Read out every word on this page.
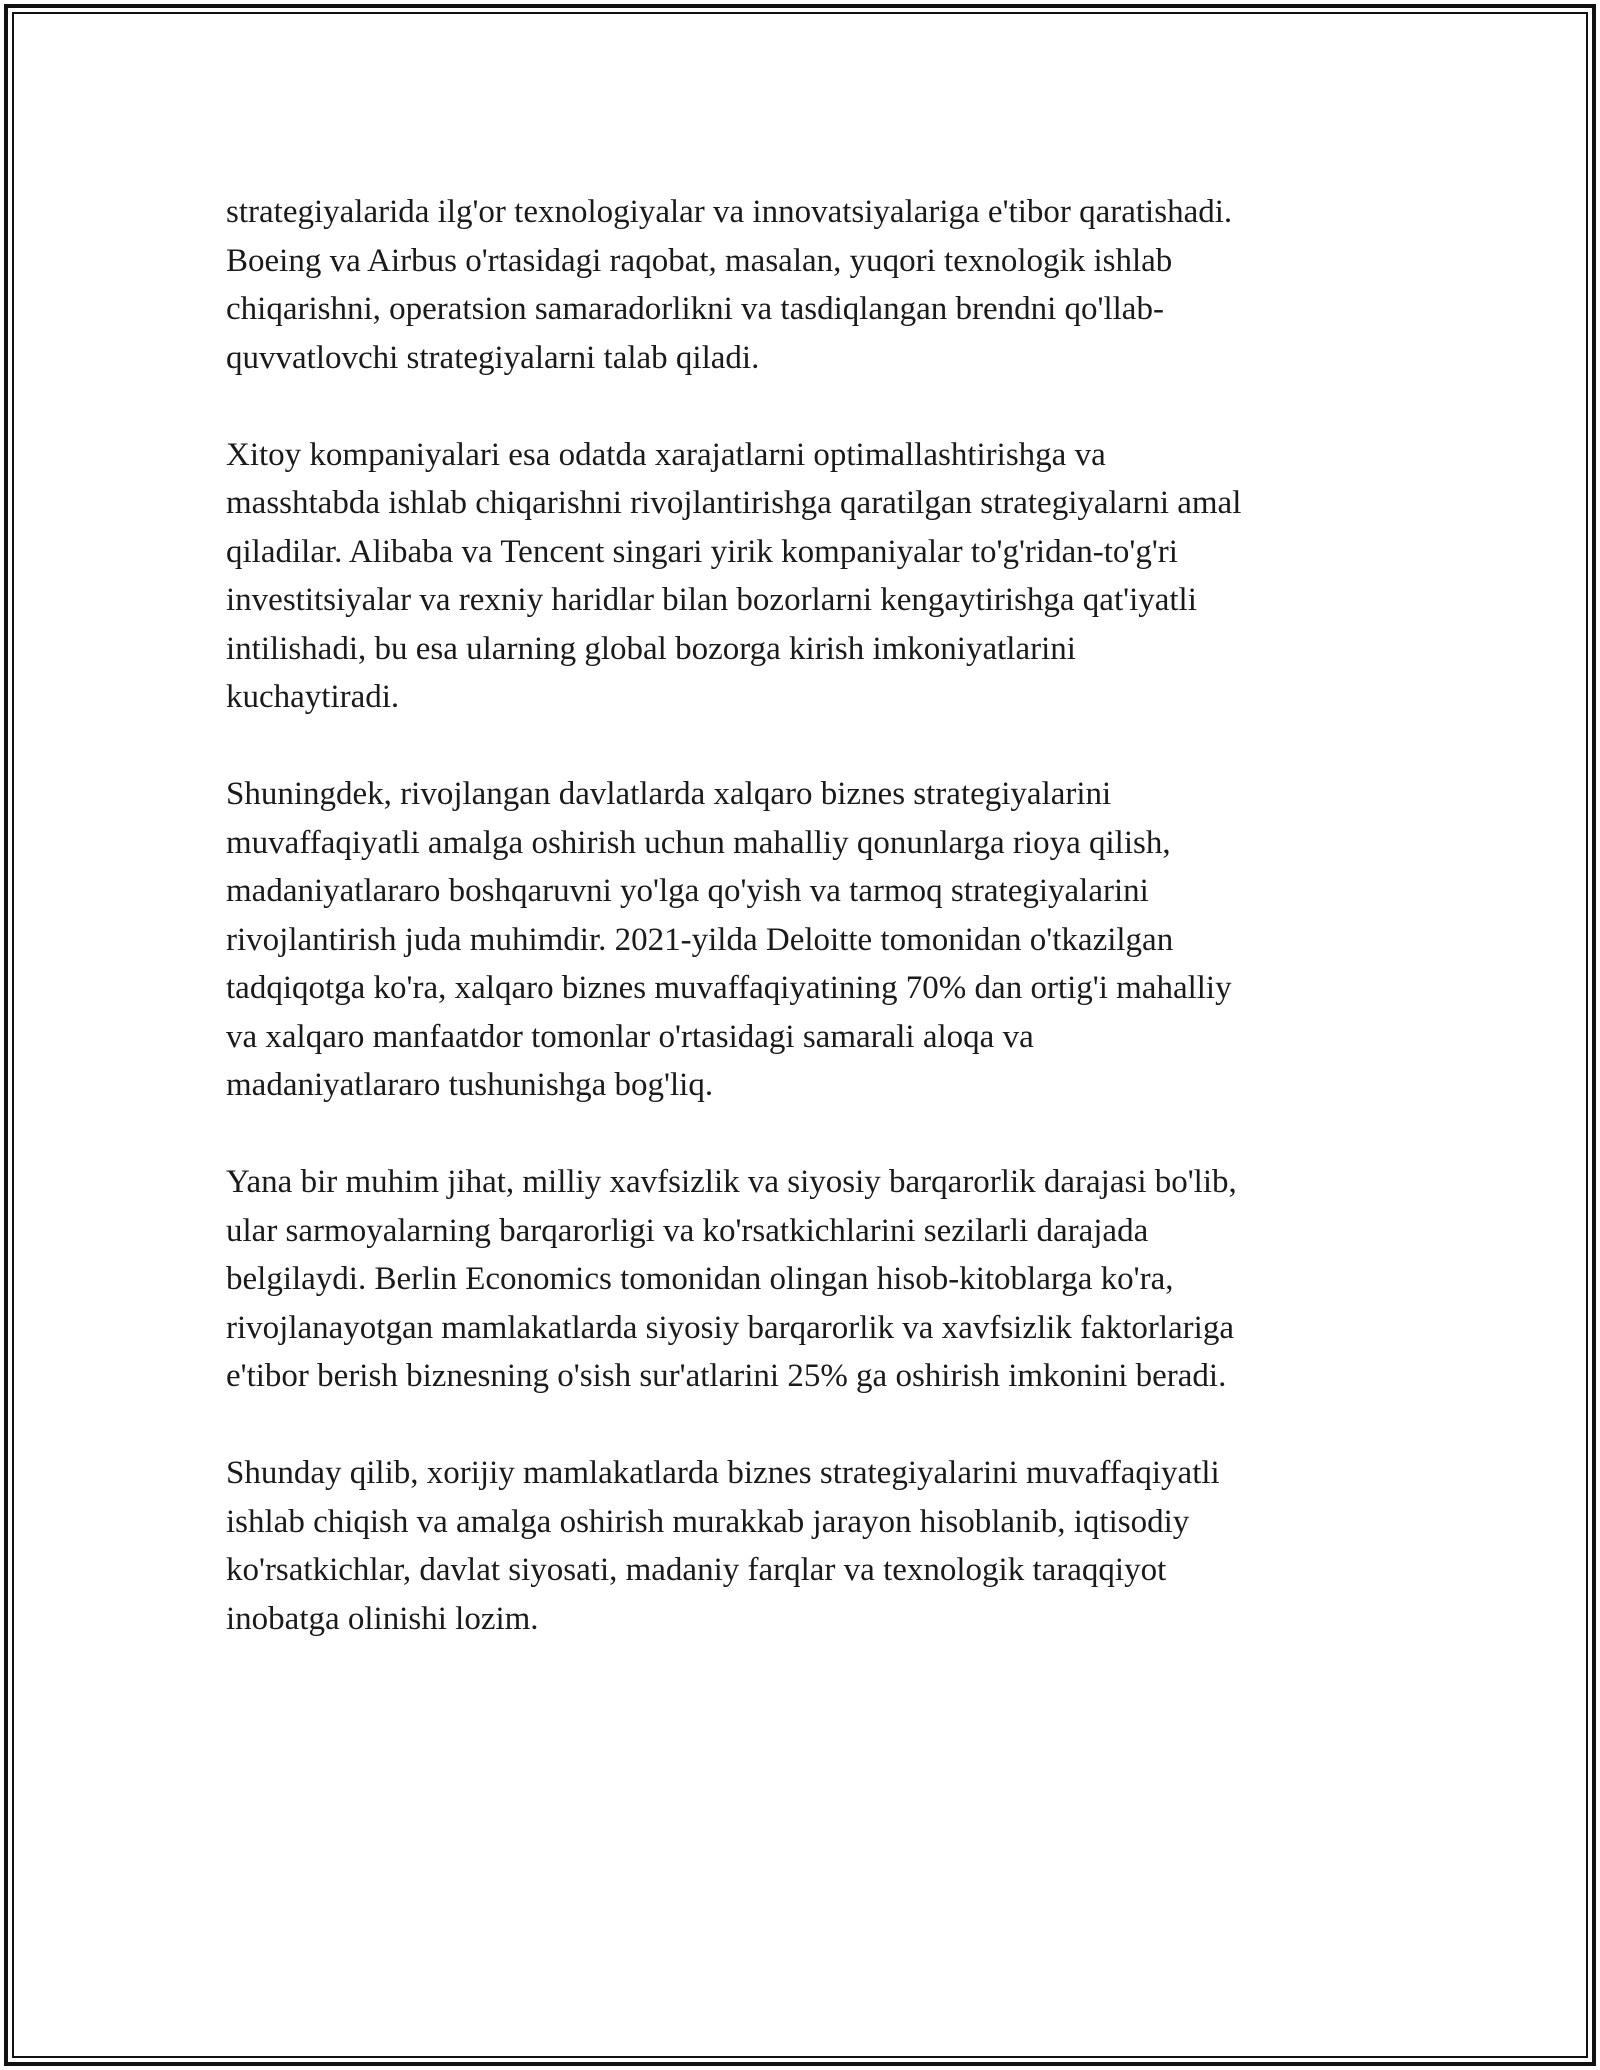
strategiyalarida ilg'or texnologiyalar va innovatsiyalariga e'tibor qaratishadi.
Boeing va Airbus o'rtasidagi raqobat, masalan, yuqori texnologik ishlab
chiqarishni, operatsion samaradorlikni va tasdiqlangan brendni qo'llab-
quvvatlovchi strategiyalarni talab qiladi.

Xitoy kompaniyalari esa odatda xarajatlarni optimallashtirishga va
masshtabda ishlab chiqarishni rivojlantirishga qaratilgan strategiyalarni amal
qiladilar. Alibaba va Tencent singari yirik kompaniyalar to'g'ridan-to'g'ri
investitsiyalar va rexniy haridlar bilan bozorlarni kengaytirishga qat'iyatli
intilishadi, bu esa ularning global bozorga kirish imkoniyatlarini
kuchaytiradi.

Shuningdek, rivojlangan davlatlarda xalqaro biznes strategiyalarini
muvaffaqiyatli amalga oshirish uchun mahalliy qonunlarga rioya qilish,
madaniyatlararo boshqaruvni yo'lga qo'yish va tarmoq strategiyalarini
rivojlantirish juda muhimdir. 2021-yilda Deloitte tomonidan o'tkazilgan
tadqiqotga ko'ra, xalqaro biznes muvaffaqiyatining 70% dan ortig'i mahalliy
va xalqaro manfaatdor tomonlar o'rtasidagi samarali aloqa va
madaniyatlararo tushunishga bog'liq.

Yana bir muhim jihat, milliy xavfsizlik va siyosiy barqarorlik darajasi bo'lib,
ular sarmoyalarning barqarorligi va ko'rsatkichlarini sezilarli darajada
belgilaydi. Berlin Economics tomonidan olingan hisob-kitoblarga ko'ra,
rivojlanayotgan mamlakatlarda siyosiy barqarorlik va xavfsizlik faktorlariga
e'tibor berish biznesning o'sish sur'atlarini 25% ga oshirish imkonini beradi.

Shunday qilib, xorijiy mamlakatlarda biznes strategiyalarini muvaffaqiyatli
ishlab chiqish va amalga oshirish murakkab jarayon hisoblanib, iqtisodiy
ko'rsatkichlar, davlat siyosati, madaniy farqlar va texnologik taraqqiyot
inobatga olinishi lozim.
